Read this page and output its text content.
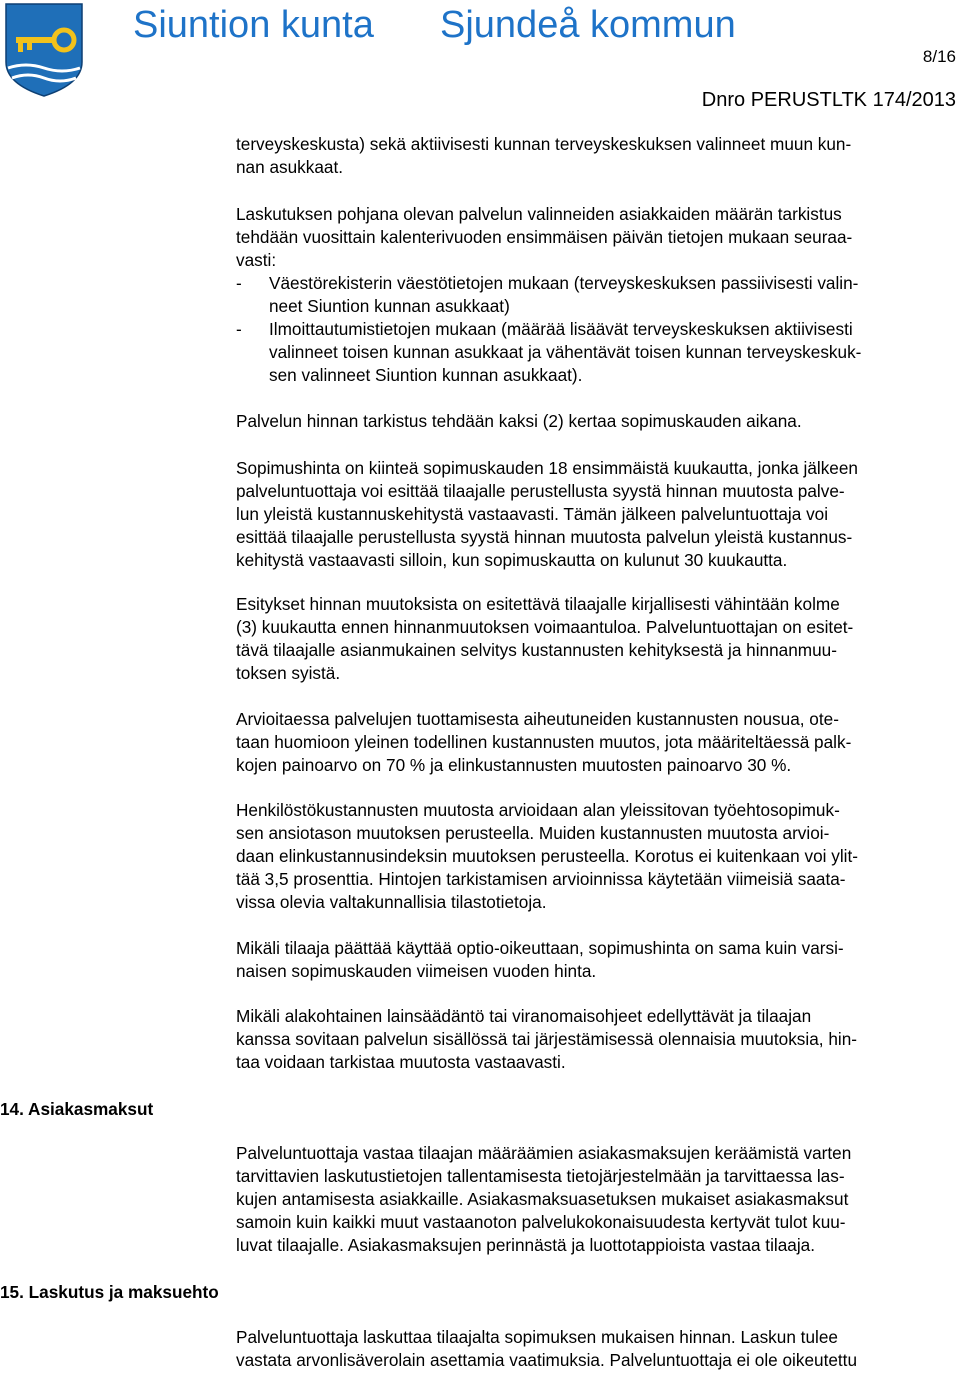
Siuntion kunta Sjundeå kommun
8/16
Dnro PERUSTLTK 174/2013

terveyskeskusta) sekä aktiivisesti kunnan terveyskeskuksen valinneet muun kun-
nan asukkaat.

Laskutuksen pohjana olevan palvelun valinneiden asiakkaiden määrän tarkistus
tehdään vuosittain kalenterivuoden ensimmäisen päivän tietojen mukaan seuraa-
vasti:

- Väestörekisterin väestötietojen mukaan (terveyskeskuksen passiivisesti valin-
neet Siuntion kunnan asukkaat)
- Ilmoittautumistietojen mukaan (määrää lisäävät terveyskeskuksen aktiivisesti
valinneet toisen kunnan asukkaat ja vähentävät toisen kunnan terveyskeskuk-
sen valinneet Siuntion kunnan asukkaat).

Palvelun hinnan tarkistus tehdään kaksi (2) kertaa sopimuskauden aikana.

Sopimushinta on kiinteä sopimuskauden 18 ensimmäistä kuukautta, jonka jälkeen
palveluntuottaja voi esittää tilaajalle perustellusta syystä hinnan muutosta palve-
lun yleistä kustannuskehitystä vastaavasti. Tämän jälkeen palveluntuottaja voi
esittää tilaajalle perustellusta syystä hinnan muutosta palvelun yleistä kustannus-
kehitystä vastaavasti silloin, kun sopimuskautta on kulunut 30 kuukautta.

Esitykset hinnan muutoksista on esitettävä tilaajalle kirjallisesti vähintään kolme
(3) kuukautta ennen hinnanmuutoksen voimaantuloa. Palveluntuottajan on esitet-
tävä tilaajalle asianmukainen selvitys kustannusten kehityksestä ja hinnanmuu-
toksen syistä.

Arvioitaessa palvelujen tuottamisesta aiheutuneiden kustannusten nousua, ote-
taan huomioon yleinen todellinen kustannusten muutos, jota määriteltäessä palk-
kojen painoarvo on 70 % ja elinkustannusten muutosten painoarvo 30 %.

Henkilöstökustannusten muutosta arvioidaan alan yleissitovan työehtosopimuk-
sen ansiotason muutoksen perusteella. Muiden kustannusten muutosta arvioi-
daan elinkustannusindeksin muutoksen perusteella. Korotus ei kuitenkaan voi ylit-
tää 3,5 prosenttia. Hintojen tarkistamisen arvioinnissa käytetään viimeisiä saata-
vissa olevia valtakunnallisia tilastotietoja.

Mikäli tilaaja päättää käyttää optio-oikeuttaan, sopimushinta on sama kuin varsi-
naisen sopimuskauden viimeisen vuoden hinta.

Mikäli alakohtainen lainsäädäntö tai viranomaisohjeet edellyttävät ja tilaajan
kanssa sovitaan palvelun sisällössä tai järjestämisessä olennaisia muutoksia, hin-
taa voidaan tarkistaa muutosta vastaavasti.

14. Asiakasmaksut

Palveluntuottaja vastaa tilaajan määräämien asiakasmaksujen keräämistä varten
tarvittavien laskutustietojen tallentamisesta tietojärjestelmään ja tarvittaessa las-
kujen antamisesta asiakkaille. Asiakasmaksuasetuksen mukaiset asiakasmaksut
samoin kuin kaikki muut vastaanoton palvelukokonaisuudesta kertyvät tulot kuu-
luvat tilaajalle. Asiakasmaksujen perinnästä ja luottotappioista vastaa tilaaja.

15. Laskutus ja maksuehto

Palveluntuottaja laskuttaa tilaajalta sopimuksen mukaisen hinnan. Laskun tulee
vastata arvonlisäverolain asettamia vaatimuksia. Palveluntuottaja ei ole oikeutettu
